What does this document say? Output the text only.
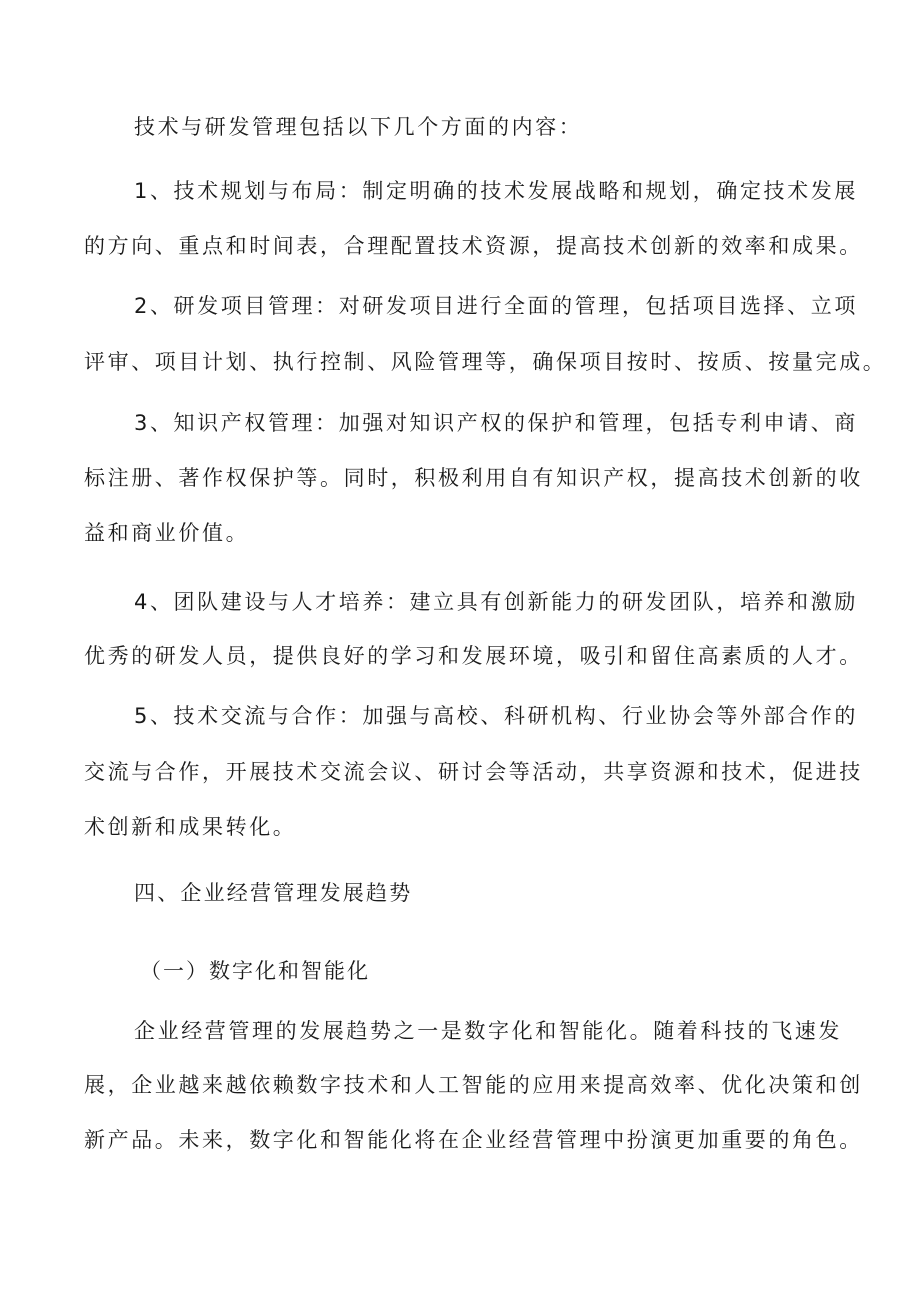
技术与研发管理包括以下几个方面的内容：
1、技术规划与布局：制定明确的技术发展战略和规划，确定技术发展
的方向、重点和时间表，合理配置技术资源，提高技术创新的效率和成果。
2、研发项目管理：对研发项目进行全面的管理，包括项目选择、立项
评审、项目计划、执行控制、风险管理等，确保项目按时、按质、按量完成。
3、知识产权管理：加强对知识产权的保护和管理，包括专利申请、商
标注册、著作权保护等。同时，积极利用自有知识产权，提高技术创新的收
益和商业价值。
4、团队建设与人才培养：建立具有创新能力的研发团队，培养和激励
优秀的研发人员，提供良好的学习和发展环境，吸引和留住高素质的人才。
5、技术交流与合作：加强与高校、科研机构、行业协会等外部合作的
交流与合作，开展技术交流会议、研讨会等活动，共享资源和技术，促进技
术创新和成果转化。
四、企业经营管理发展趋势
（一）数字化和智能化
企业经营管理的发展趋势之一是数字化和智能化。随着科技的飞速发
展，企业越来越依赖数字技术和人工智能的应用来提高效率、优化决策和创
新产品。未来，数字化和智能化将在企业经营管理中扮演更加重要的角色。
